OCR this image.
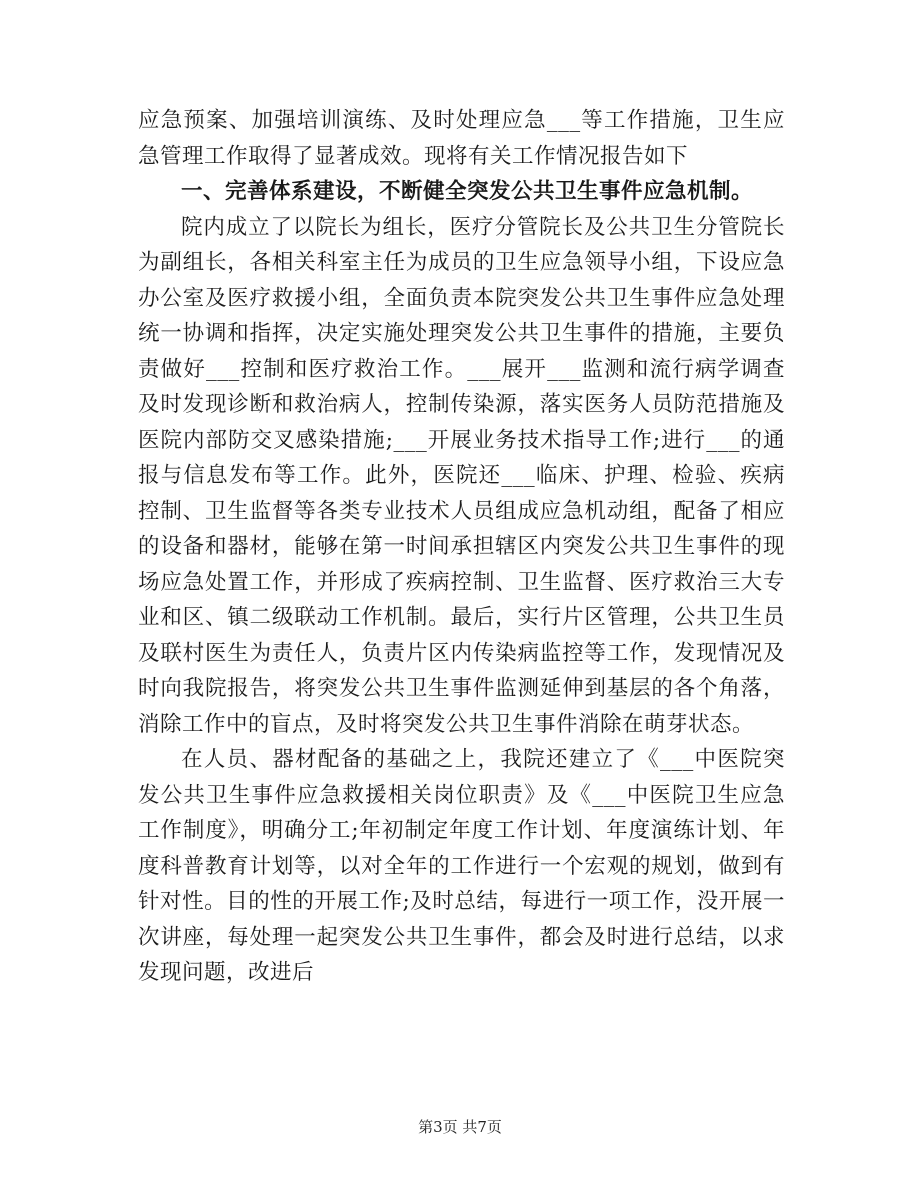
应急预案、加强培训演练、及时处理应急___等工作措施，卫生应急管理工作取得了显著成效。现将有关工作情况报告如下

一、完善体系建设，不断健全突发公共卫生事件应急机制。

院内成立了以院长为组长，医疗分管院长及公共卫生分管院长为副组长，各相关科室主任为成员的卫生应急领导小组，下设应急办公室及医疗救援小组，全面负责本院突发公共卫生事件应急处理统一协调和指挥，决定实施处理突发公共卫生事件的措施，主要负责做好___控制和医疗救治工作。___展开___监测和流行病学调查及时发现诊断和救治病人，控制传染源，落实医务人员防范措施及医院内部防交叉感染措施;___开展业务技术指导工作;进行___的通报与信息发布等工作。此外，医院还___临床、护理、检验、疾病控制、卫生监督等各类专业技术人员组成应急机动组，配备了相应的设备和器材，能够在第一时间承担辖区内突发公共卫生事件的现场应急处置工作，并形成了疾病控制、卫生监督、医疗救治三大专业和区、镇二级联动工作机制。最后，实行片区管理，公共卫生员及联村医生为责任人，负责片区内传染病监控等工作，发现情况及时向我院报告，将突发公共卫生事件监测延伸到基层的各个角落，消除工作中的盲点，及时将突发公共卫生事件消除在萌芽状态。

在人员、器材配备的基础之上，我院还建立了《___中医院突发公共卫生事件应急救援相关岗位职责》及《___中医院卫生应急工作制度》，明确分工;年初制定年度工作计划、年度演练计划、年度科普教育计划等，以对全年的工作进行一个宏观的规划，做到有针对性。目的性的开展工作;及时总结，每进行一项工作，没开展一次讲座，每处理一起突发公共卫生事件，都会及时进行总结，以求发现问题，改进后

第3页 共7页
